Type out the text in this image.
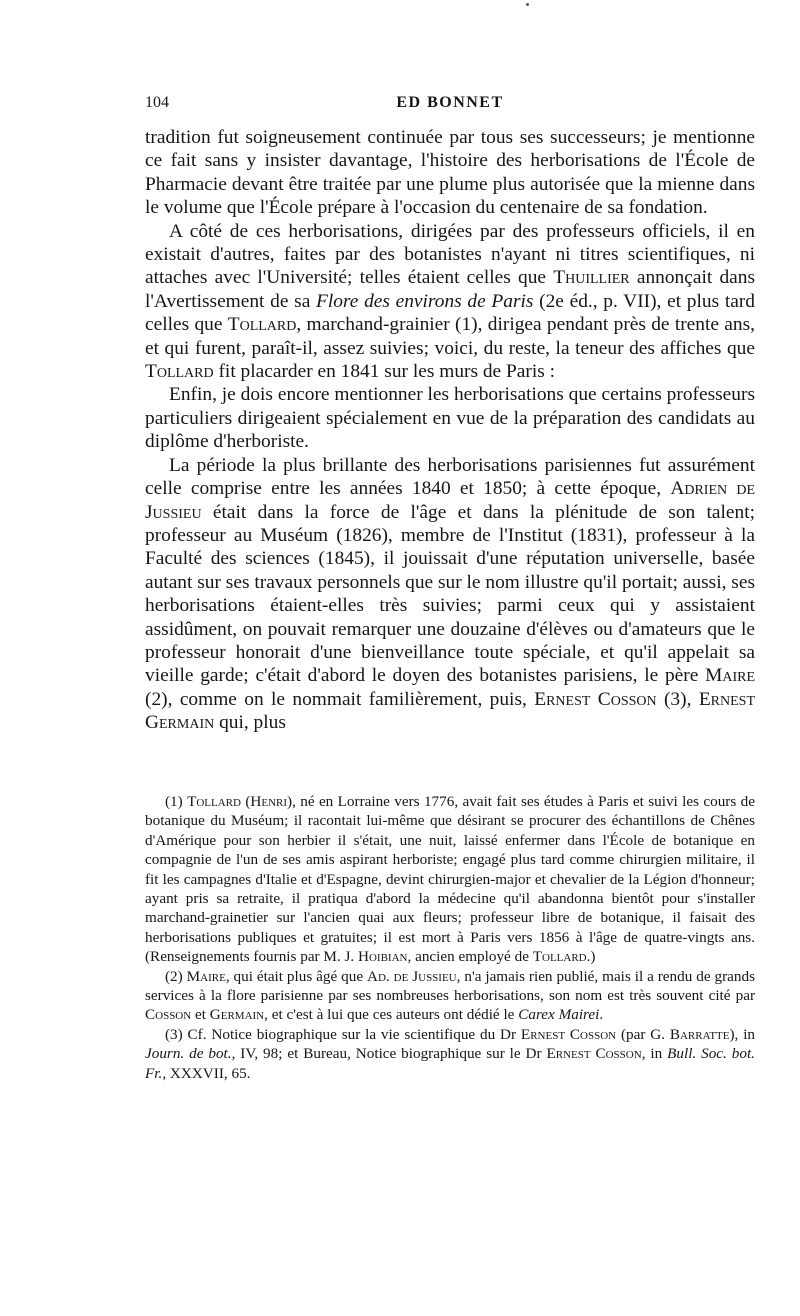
104	ED BONNET

tradition fut soigneusement continuée par tous ses successeurs; je mentionne ce fait sans y insister davantage, l'histoire des herborisations de l'École de Pharmacie devant être traitée par une plume plus autorisée que la mienne dans le volume que l'École prépare à l'occasion du centenaire de sa fondation.

A côté de ces herborisations, dirigées par des professeurs officiels, il en existait d'autres, faites par des botanistes n'ayant ni titres scientifiques, ni attaches avec l'Université; telles étaient celles que Thuillier annonçait dans l'Avertissement de sa Flore des environs de Paris (2e éd., p. VII), et plus tard celles que Tollard, marchand-grainier (1), dirigea pendant près de trente ans, et qui furent, paraît-il, assez suivies; voici, du reste, la teneur des affiches que Tollard fit placarder en 1841 sur les murs de Paris :

Enfin, je dois encore mentionner les herborisations que certains professeurs particuliers dirigeaient spécialement en vue de la préparation des candidats au diplôme d'herboriste.

La période la plus brillante des herborisations parisiennes fut assurément celle comprise entre les années 1840 et 1850; à cette époque, Adrien de Jussieu était dans la force de l'âge et dans la plénitude de son talent; professeur au Muséum (1826), membre de l'Institut (1831), professeur à la Faculté des sciences (1845), il jouissait d'une réputation universelle, basée autant sur ses travaux personnels que sur le nom illustre qu'il portait; aussi, ses herborisations étaient-elles très suivies; parmi ceux qui y assistaient assidûment, on pouvait remarquer une douzaine d'élèves ou d'amateurs que le professeur honorait d'une bienveillance toute spéciale, et qu'il appelait sa vieille garde; c'était d'abord le doyen des botanistes parisiens, le père Maire (2), comme on le nommait familièrement, puis, Ernest Cosson (3), Ernest Germain qui, plus

(1) Tollard (Henri), né en Lorraine vers 1776, avait fait ses études à Paris et suivi les cours de botanique du Muséum; il racontait lui-même que désirant se procurer des échantillons de Chênes d'Amérique pour son herbier il s'était, une nuit, laissé enfermer dans l'École de botanique en compagnie de l'un de ses amis aspirant herboriste; engagé plus tard comme chirurgien militaire, il fit les campagnes d'Italie et d'Espagne, devint chirurgien-major et chevalier de la Légion d'honneur; ayant pris sa retraite, il pratiqua d'abord la médecine qu'il abandonna bientôt pour s'installer marchand-grainetier sur l'ancien quai aux fleurs; professeur libre de botanique, il faisait des herborisations publiques et gratuites; il est mort à Paris vers 1856 à l'âge de quatre-vingts ans. (Renseignements fournis par M. J. Hoibian, ancien employé de Tollard.)

(2) Maire, qui était plus âgé que Ad. de Jussieu, n'a jamais rien publié, mais il a rendu de grands services à la flore parisienne par ses nombreuses herborisations, son nom est très souvent cité par Cosson et Germain, et c'est à lui que ces auteurs ont dédié le Carex Mairei.

(3) Cf. Notice biographique sur la vie scientifique du Dr Ernest Cosson (par G. Barratte), in Journ. de bot., IV, 98; et Bureau, Notice biographique sur le Dr Ernest Cosson, in Bull. Soc. bot. Fr., XXXVII, 65.
